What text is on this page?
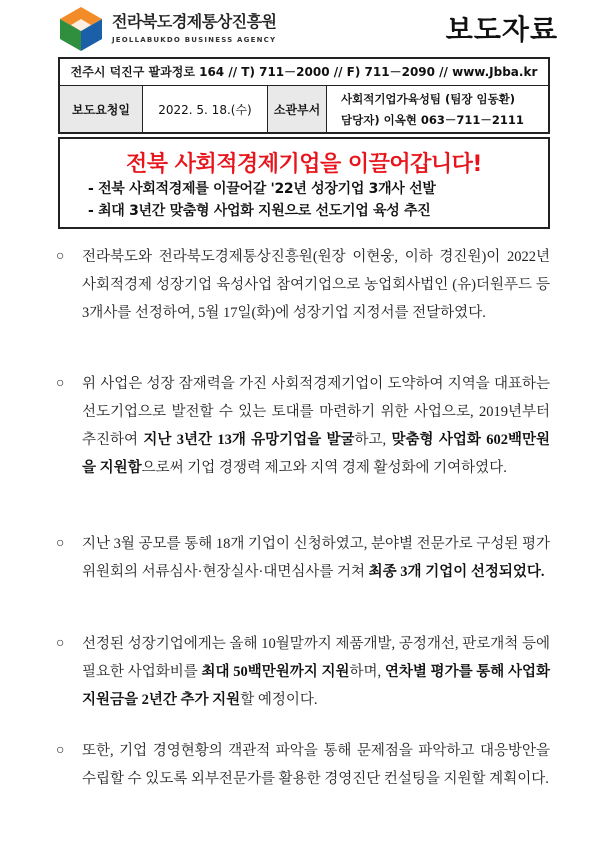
전라북도경제통상진흥원
JEOLLABUKDO BUSINESS AGENCY	보도자료
전주시 덕진구 팔과정로 164 // T) 711－2000 // F) 711－2090 // www.Jbba.kr
보도요청일	2022. 5. 18.(수)	소관부서
사회적기업가육성팀 (팀장 임동환)
담당자) 이옥현 063－711－2111
전북 사회적경제기업을 이끌어갑니다!
- 전북 사회적경제를 이끌어갈 '22년 성장기업 3개사 선발
- 최대 3년간 맞춤형 사업화 지원으로 선도기업 육성 추진
○ 전라북도와 전라북도경제통상진흥원(원장 이현웅, 이하 경진원)이 2022년 사회적경제 성장기업 육성사업 참여기업으로 농업회사법인 (유)더원푸드 등 3개사를 선정하여, 5월 17일(화)에 성장기업 지정서를 전달하였다.
○ 위 사업은 성장 잠재력을 가진 사회적경제기업이 도약하여 지역을 대표하는 선도기업으로 발전할 수 있는 토대를 마련하기 위한 사업으로, 2019년부터 추진하여 지난 3년간 13개 유망기업을 발굴하고, 맞춤형 사업화 602백만원을 지원함으로써 기업 경쟁력 제고와 지역 경제 활성화에 기여하였다.
○ 지난 3월 공모를 통해 18개 기업이 신청하였고, 분야별 전문가로 구성된 평가위원회의 서류심사·현장실사·대면심사를 거쳐 최종 3개 기업이 선정되었다.
○ 선정된 성장기업에게는 올해 10월말까지 제품개발, 공정개선, 판로개척 등에 필요한 사업화비를 최대 50백만원까지 지원하며, 연차별 평가를 통해 사업화 지원금을 2년간 추가 지원할 예정이다.
○ 또한, 기업 경영현황의 객관적 파악을 통해 문제점을 파악하고 대응방안을 수립할 수 있도록 외부전문가를 활용한 경영진단 컨설팅을 지원할 계획이다.
